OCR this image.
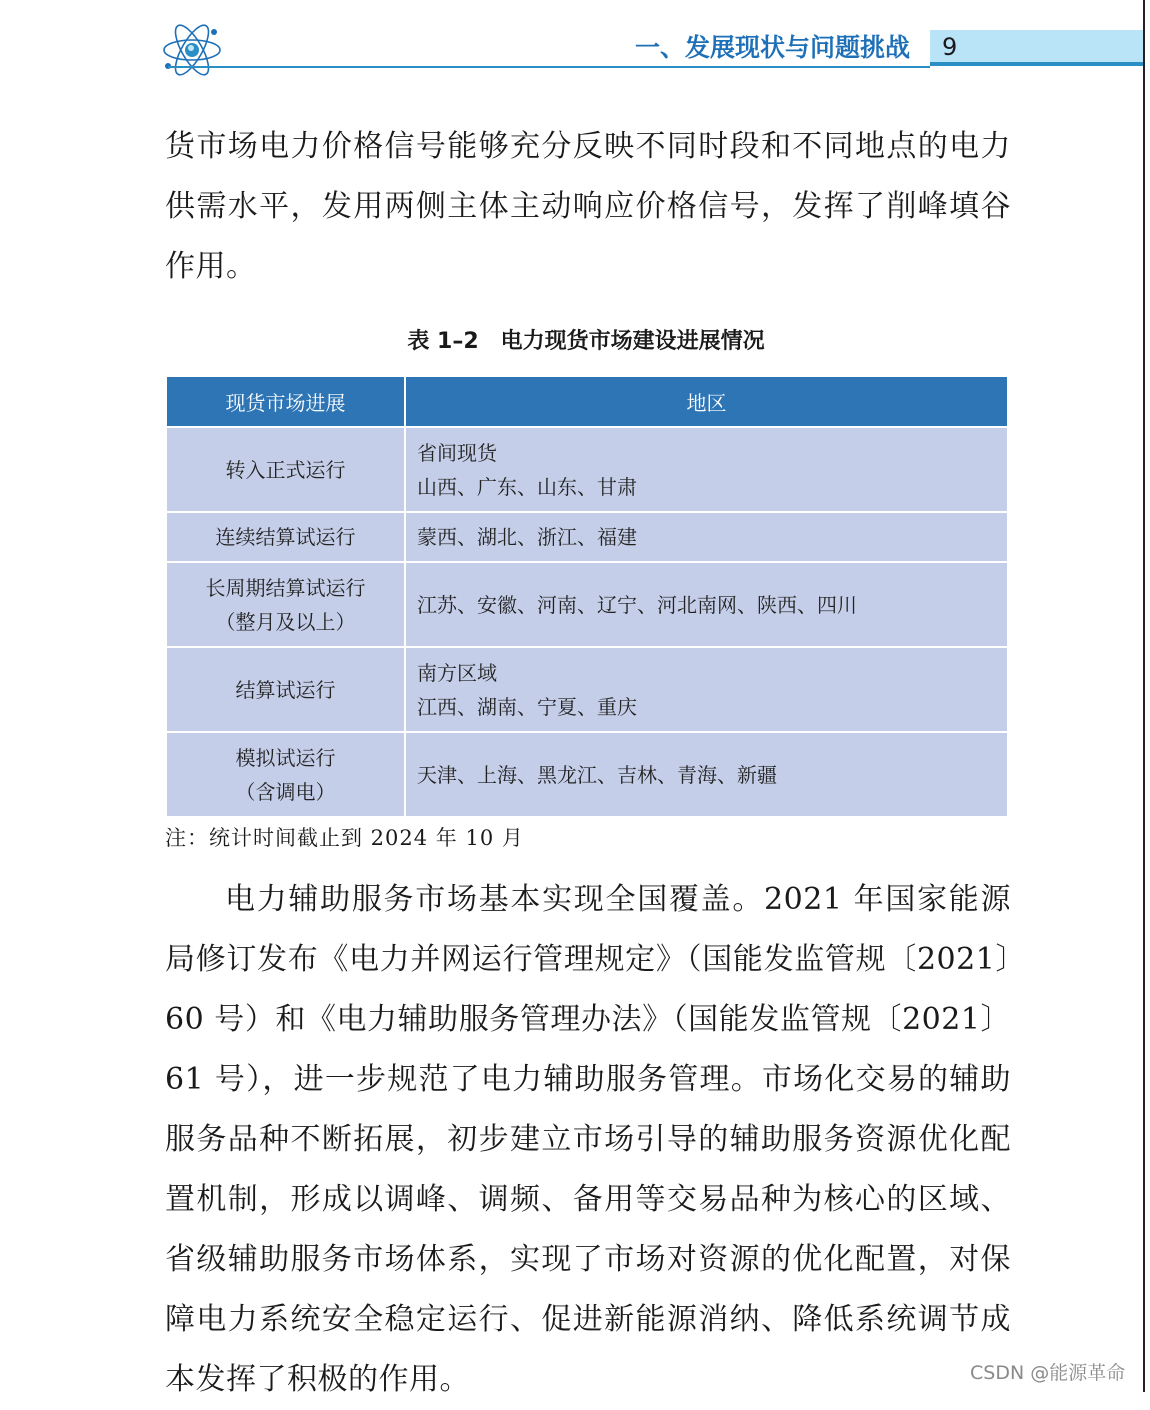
一、发展现状与问题挑战 9

货市场电力价格信号能够充分反映不同时段和不同地点的电力供需水平，发用两侧主体主动响应价格信号，发挥了削峰填谷作用。

表 1–2　电力现货市场建设进展情况
现货市场进展	地区

转入正式运行	省间现货
山西、广东、山东、甘肃

连续结算试运行	蒙西、湖北、浙江、福建

长周期结算试运行
（整月及以上）	江苏、安徽、河南、辽宁、河北南网、陕西、四川

结算试运行	南方区域
江西、湖南、宁夏、重庆

模拟试运行
（含调电）	天津、上海、黑龙江、吉林、青海、新疆
注：统计时间截止到 2024 年 10 月

电力辅助服务市场基本实现全国覆盖。2021 年国家能源局修订发布《电力并网运行管理规定》（国能发监管规〔2021〕60 号）和《电力辅助服务管理办法》（国能发监管规〔2021〕61 号），进一步规范了电力辅助服务管理。市场化交易的辅助服务品种不断拓展，初步建立市场引导的辅助服务资源优化配置机制，形成以调峰、调频、备用等交易品种为核心的区域、省级辅助服务市场体系，实现了市场对资源的优化配置，对保障电力系统安全稳定运行、促进新能源消纳、降低系统调节成本发挥了积极的作用。	CSDN @能源革命
